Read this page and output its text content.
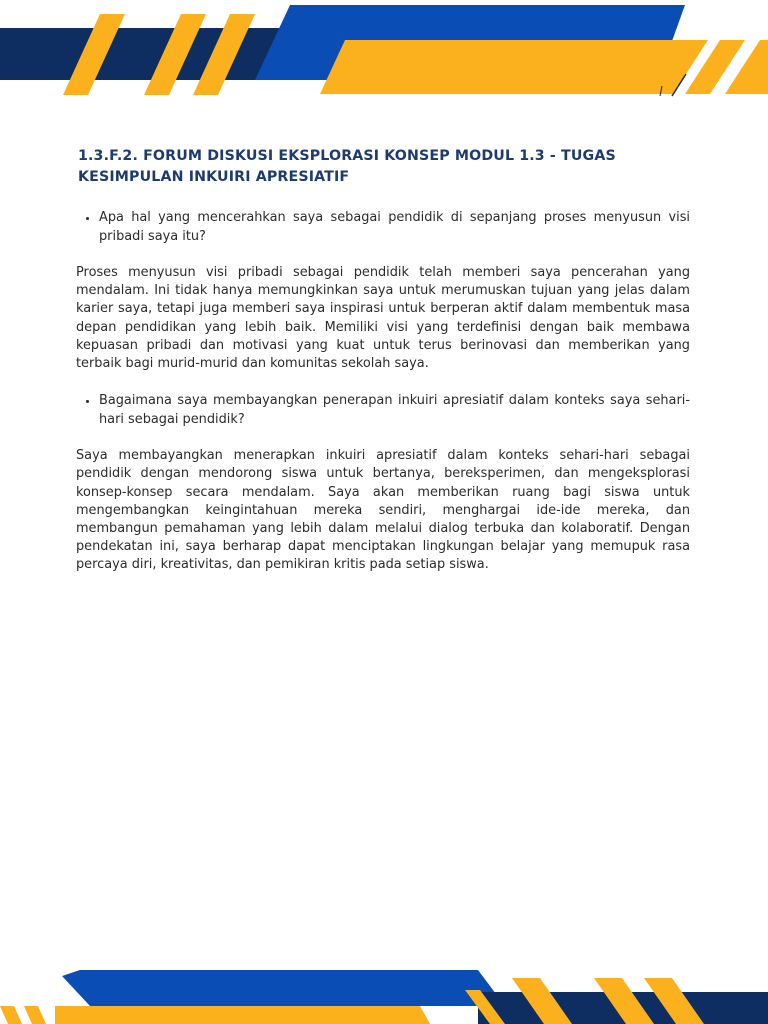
1.3.F.2. FORUM DISKUSI EKSPLORASI KONSEP MODUL 1.3 - TUGAS KESIMPULAN INKUIRI APRESIATIF
• Apa hal yang mencerahkan saya sebagai pendidik di sepanjang proses menyusun visi pribadi saya itu?

Proses menyusun visi pribadi sebagai pendidik telah memberi saya pencerahan yang mendalam. Ini tidak hanya memungkinkan saya untuk merumuskan tujuan yang jelas dalam karier saya, tetapi juga memberi saya inspirasi untuk berperan aktif dalam membentuk masa depan pendidikan yang lebih baik. Memiliki visi yang terdefinisi dengan baik membawa kepuasan pribadi dan motivasi yang kuat untuk terus berinovasi dan memberikan yang terbaik bagi murid-murid dan komunitas sekolah saya.

• Bagaimana saya membayangkan penerapan inkuiri apresiatif dalam konteks saya sehari-hari sebagai pendidik?

Saya membayangkan menerapkan inkuiri apresiatif dalam konteks sehari-hari sebagai pendidik dengan mendorong siswa untuk bertanya, bereksperimen, dan mengeksplorasi konsep-konsep secara mendalam. Saya akan memberikan ruang bagi siswa untuk mengembangkan keingintahuan mereka sendiri, menghargai ide-ide mereka, dan membangun pemahaman yang lebih dalam melalui dialog terbuka dan kolaboratif. Dengan pendekatan ini, saya berharap dapat menciptakan lingkungan belajar yang memupuk rasa percaya diri, kreativitas, dan pemikiran kritis pada setiap siswa.
